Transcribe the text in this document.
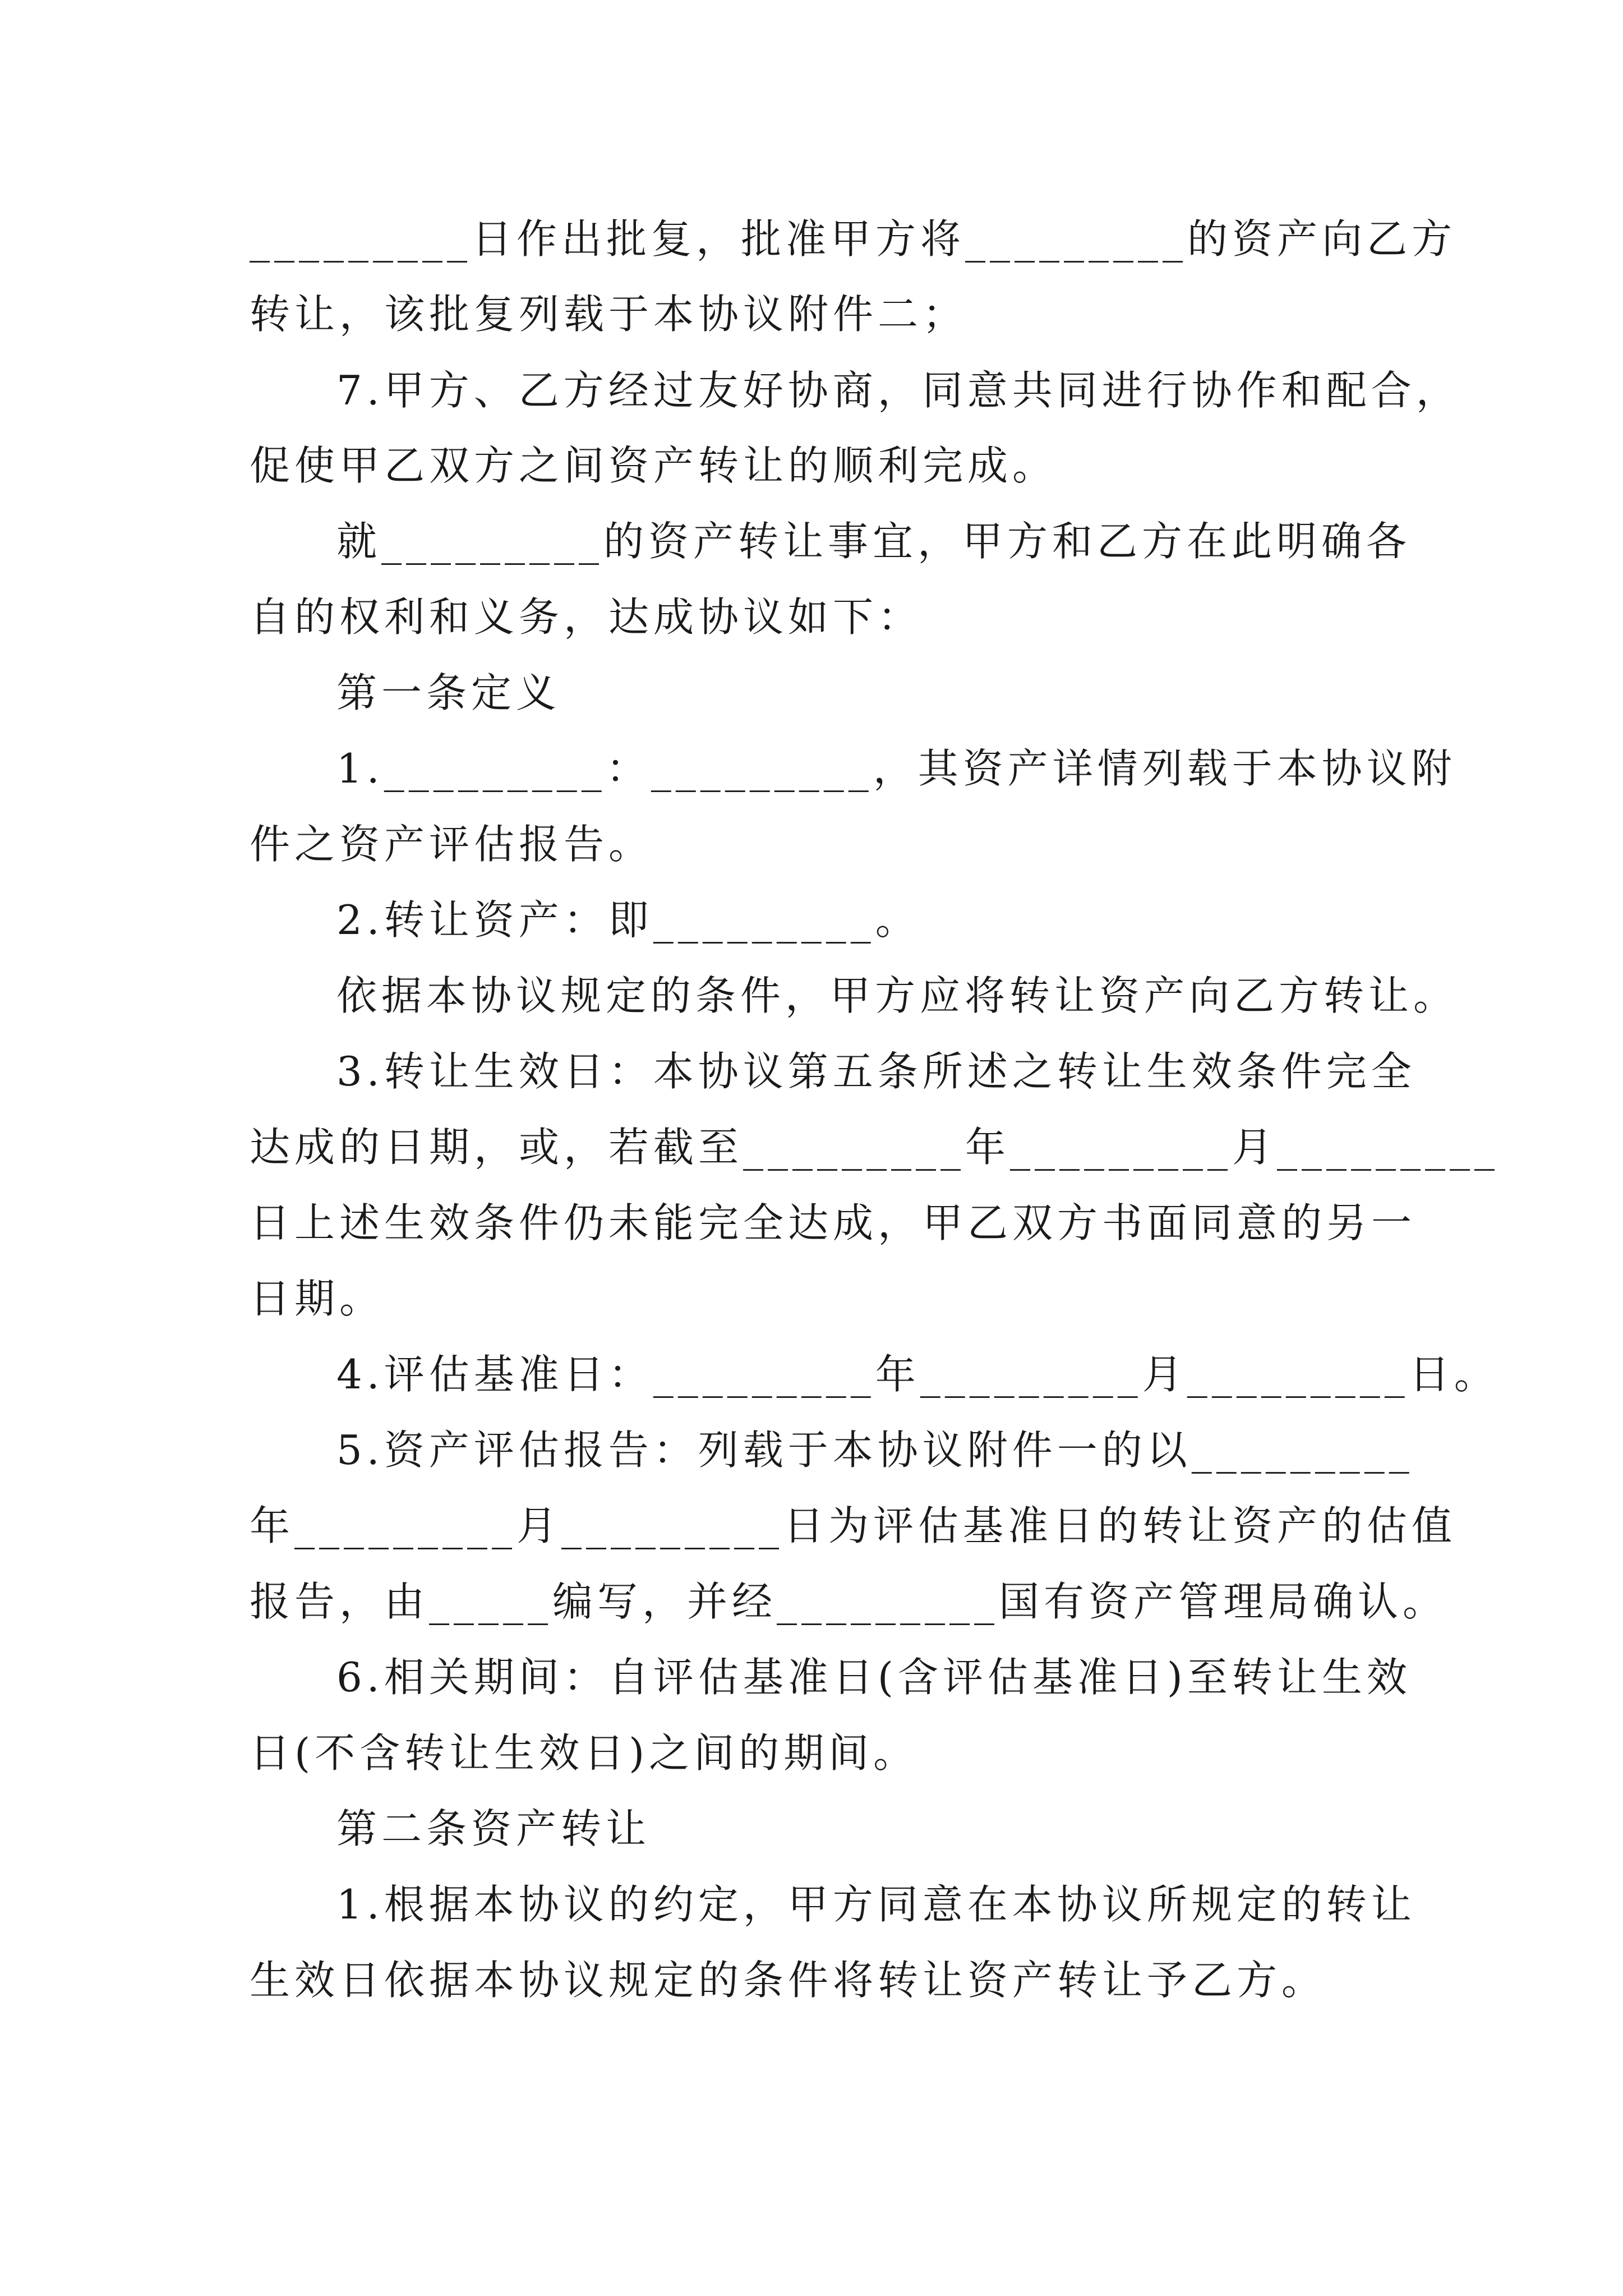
_________日作出批复，批准甲方将_________的资产向乙方
转让，该批复列载于本协议附件二；
7.甲方、乙方经过友好协商，同意共同进行协作和配合，
促使甲乙双方之间资产转让的顺利完成。
就_________的资产转让事宜，甲方和乙方在此明确各
自的权利和义务，达成协议如下：
第一条定义
1._________：_________，其资产详情列载于本协议附
件之资产评估报告。
2.转让资产：即_________。
依据本协议规定的条件，甲方应将转让资产向乙方转让。
3.转让生效日：本协议第五条所述之转让生效条件完全
达成的日期，或，若截至_________年_________月_________
日上述生效条件仍未能完全达成，甲乙双方书面同意的另一
日期。
4.评估基准日：_________年_________月_________日。
5.资产评估报告：列载于本协议附件一的以_________
年_________月_________日为评估基准日的转让资产的估值
报告，由_____编写，并经_________国有资产管理局确认。
6.相关期间：自评估基准日(含评估基准日)至转让生效
日(不含转让生效日)之间的期间。
第二条资产转让
1.根据本协议的约定，甲方同意在本协议所规定的转让
生效日依据本协议规定的条件将转让资产转让予乙方。
